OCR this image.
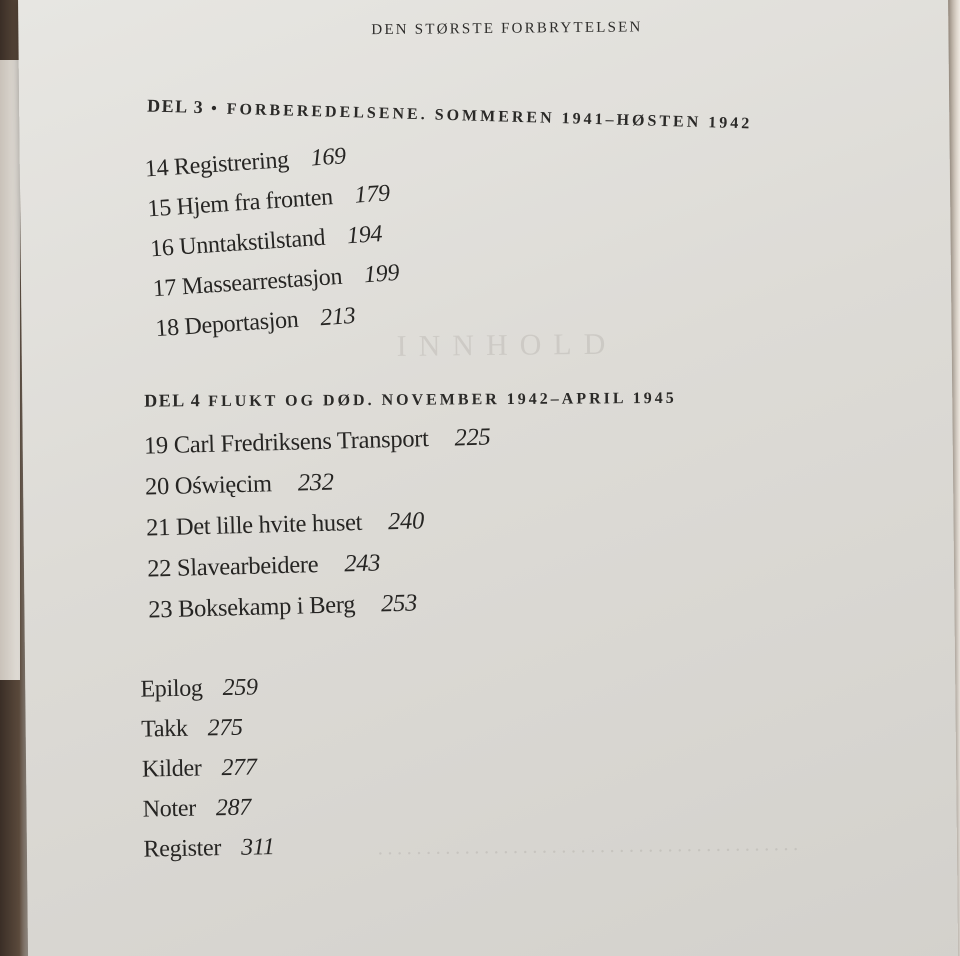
INNHOLD
············································
DEN STØRSTE FORBRYTELSEN
DEL 3 • FORBEREDELSENE. SOMMEREN 1941–HØSTEN 1942
14 Registrering 169
15 Hjem fra fronten 179
16 Unntakstilstand 194
17 Massearrestasjon 199
18 Deportasjon 213
DEL 4 FLUKT OG DØD. NOVEMBER 1942–APRIL 1945
19 Carl Fredriksens Transport 225
20 Oświęcim 232
21 Det lille hvite huset 240
22 Slavearbeidere 243
23 Boksekamp i Berg 253
Epilog 259
Takk 275
Kilder 277
Noter 287
Register 311
